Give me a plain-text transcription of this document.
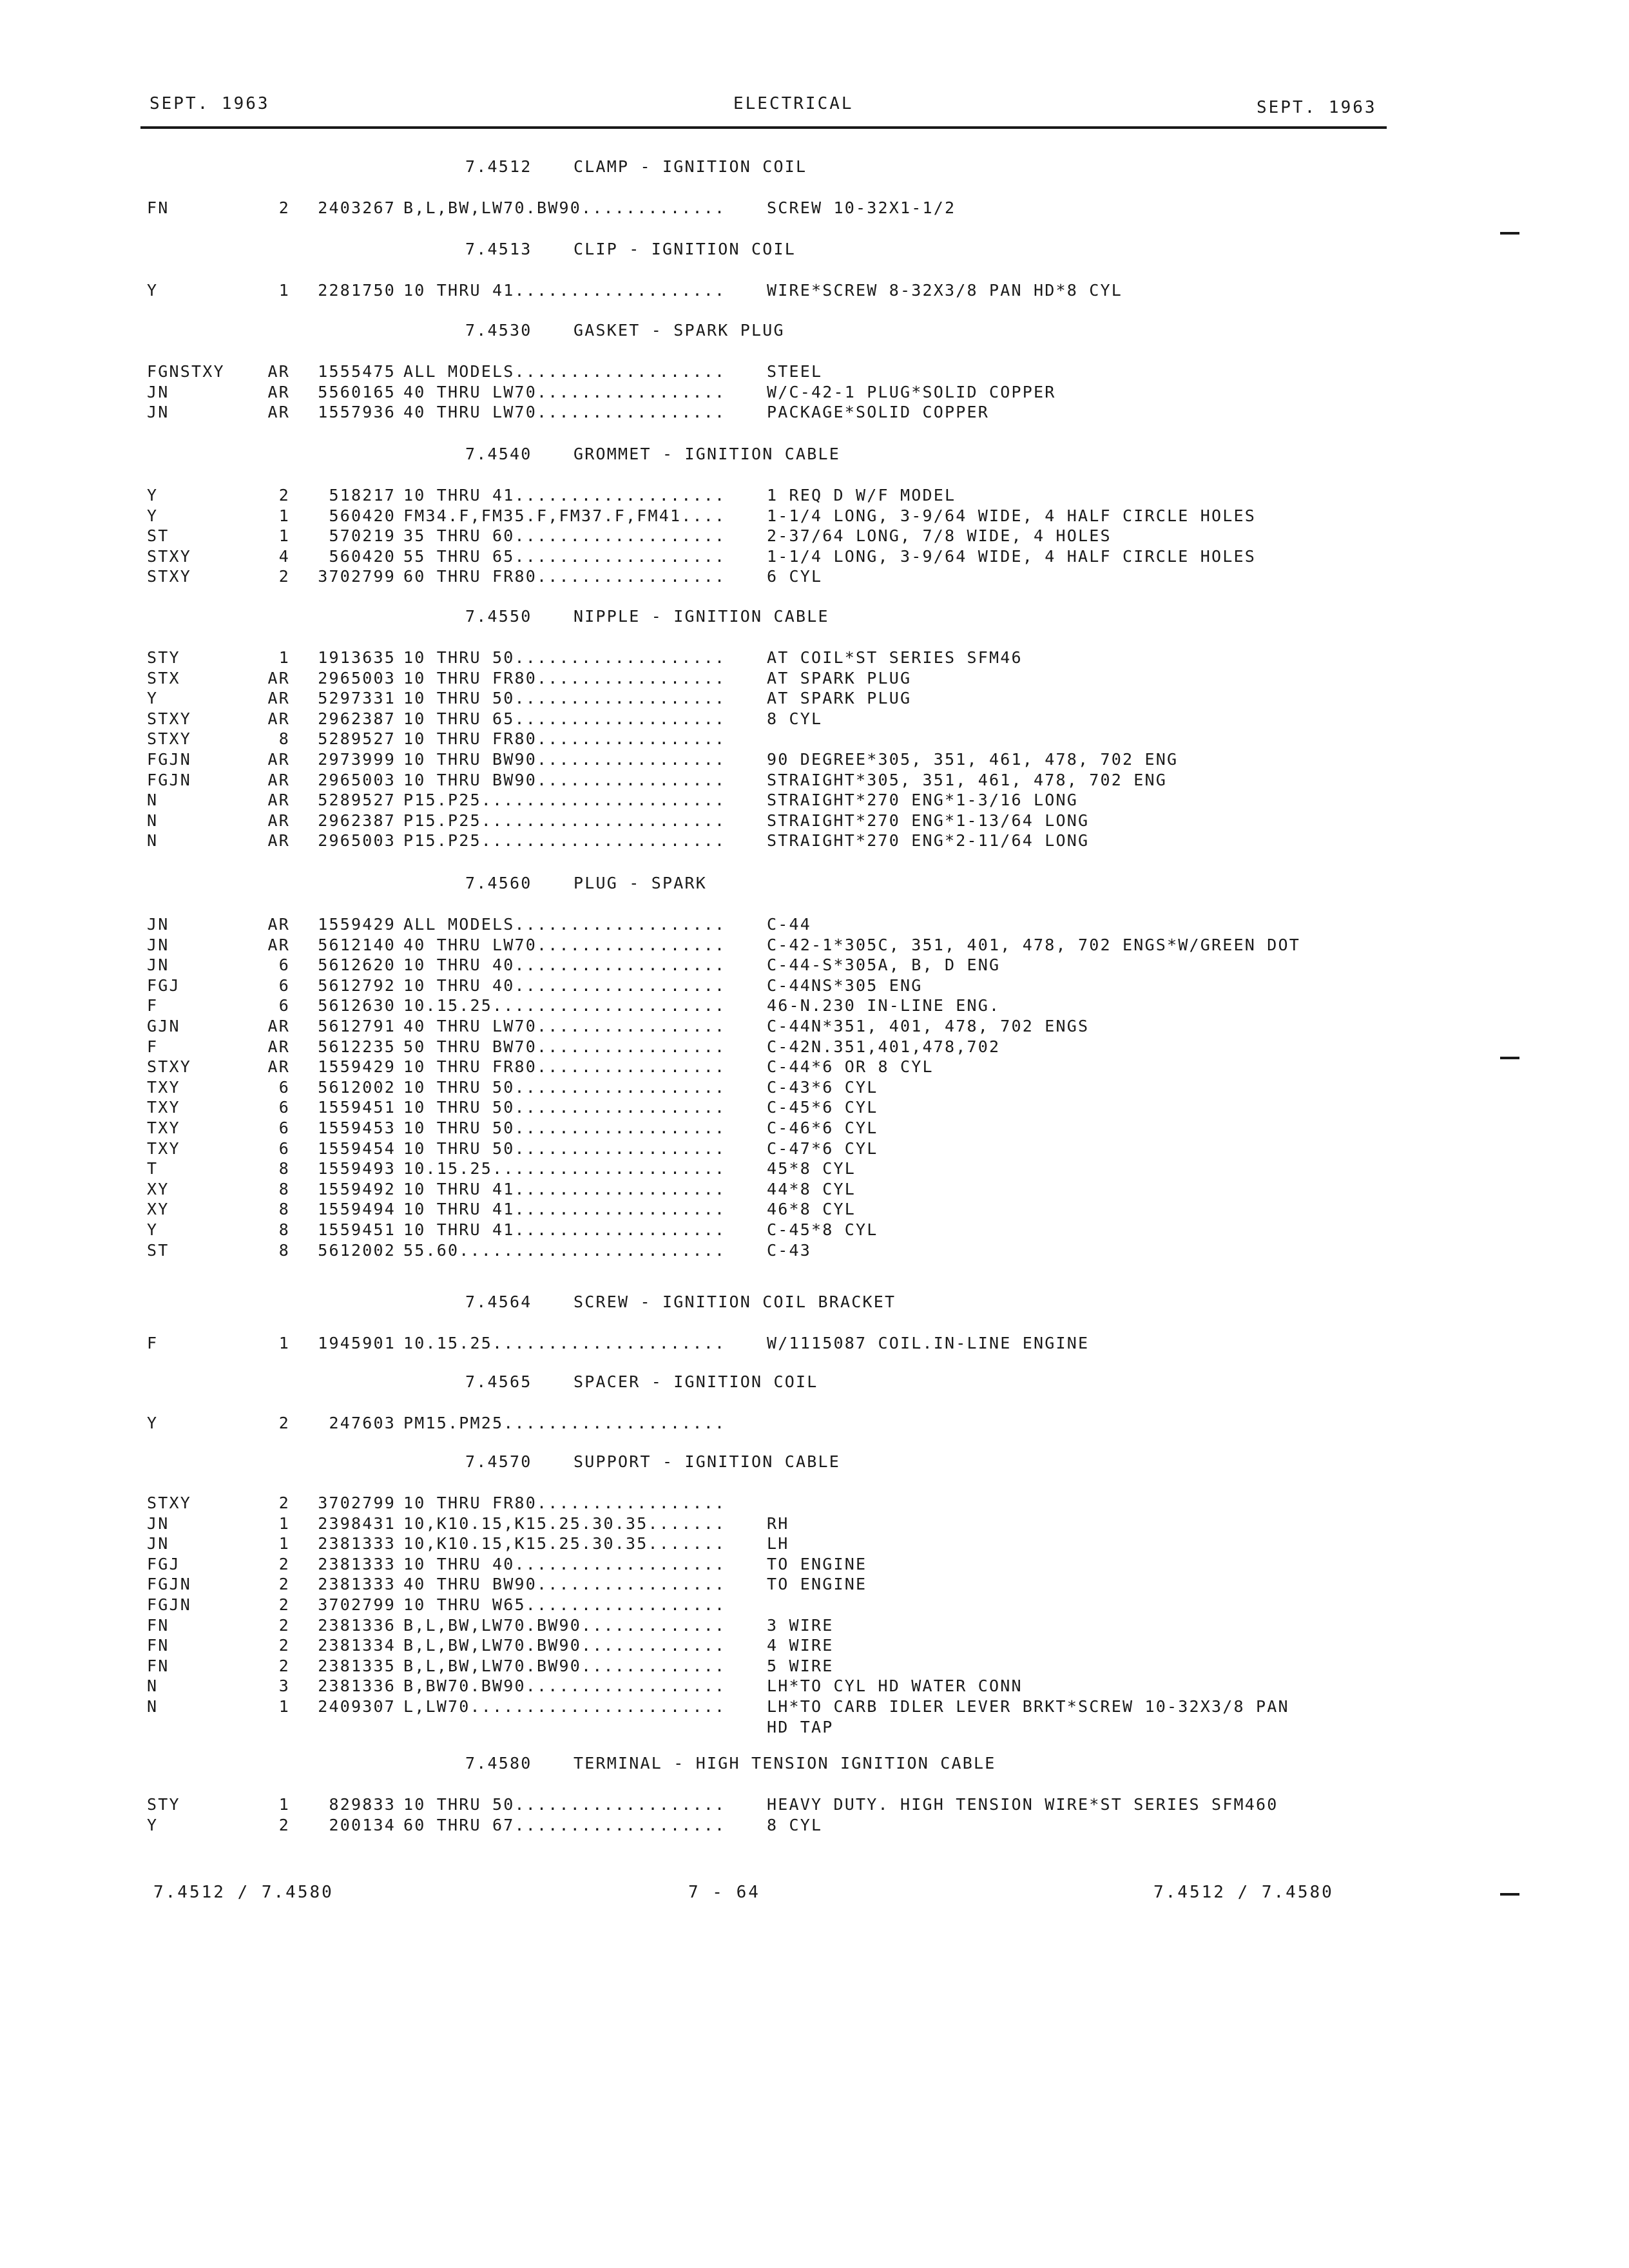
SEPT. 1963	ELECTRICAL	SEPT. 1963
7.4512	CLAMP - IGNITION COIL
FN	2	2403267 B,L,BW,LW70.BW90.............	SCREW 10-32X1-1/2
7.4513	CLIP - IGNITION COIL
Y	1	2281750 10 THRU 41...................	WIRE*SCREW 8-32X3/8 PAN HD*8 CYL
7.4530	GASKET - SPARK PLUG
FGNSTXY	AR	1555475 ALL MODELS...................	STEEL
JN	AR	5560165 40 THRU LW70.................	W/C-42-1 PLUG*SOLID COPPER
JN	AR	1557936 40 THRU LW70.................	PACKAGE*SOLID COPPER
7.4540	GROMMET - IGNITION CABLE
Y	2	518217 10 THRU 41...................	1 REQ D W/F MODEL
Y	1	560420 FM34.F,FM35.F,FM37.F,FM41....	1-1/4 LONG, 3-9/64 WIDE, 4 HALF CIRCLE HOLES
ST	1	570219 35 THRU 60...................	2-37/64 LONG, 7/8 WIDE, 4 HOLES
STXY	4	560420 55 THRU 65...................	1-1/4 LONG, 3-9/64 WIDE, 4 HALF CIRCLE HOLES
STXY	2	3702799 60 THRU FR80.................	6 CYL
7.4550	NIPPLE - IGNITION CABLE
STY	1	1913635 10 THRU 50...................	AT COIL*ST SERIES SFM46
STX	AR	2965003 10 THRU FR80.................	AT SPARK PLUG
Y	AR	5297331 10 THRU 50...................	AT SPARK PLUG
STXY	AR	2962387 10 THRU 65...................	8 CYL
STXY	8	5289527 10 THRU FR80.................
FGJN	AR	2973999 10 THRU BW90.................	90 DEGREE*305, 351, 461, 478, 702 ENG
FGJN	AR	2965003 10 THRU BW90.................	STRAIGHT*305, 351, 461, 478, 702 ENG
N	AR	5289527 P15.P25......................	STRAIGHT*270 ENG*1-3/16 LONG
N	AR	2962387 P15.P25......................	STRAIGHT*270 ENG*1-13/64 LONG
N	AR	2965003 P15.P25......................	STRAIGHT*270 ENG*2-11/64 LONG
7.4560	PLUG - SPARK
JN	AR	1559429 ALL MODELS...................	C-44
JN	AR	5612140 40 THRU LW70.................	C-42-1*305C, 351, 401, 478, 702 ENGS*W/GREEN DOT
JN	6	5612620 10 THRU 40...................	C-44-S*305A, B, D ENG
FGJ	6	5612792 10 THRU 40...................	C-44NS*305 ENG
F	6	5612630 10.15.25.....................	46-N.230 IN-LINE ENG.
GJN	AR	5612791 40 THRU LW70.................	C-44N*351, 401, 478, 702 ENGS
F	AR	5612235 50 THRU BW70.................	C-42N.351,401,478,702
STXY	AR	1559429 10 THRU FR80.................	C-44*6 OR 8 CYL
TXY	6	5612002 10 THRU 50...................	C-43*6 CYL
TXY	6	1559451 10 THRU 50...................	C-45*6 CYL
TXY	6	1559453 10 THRU 50...................	C-46*6 CYL
TXY	6	1559454 10 THRU 50...................	C-47*6 CYL
T	8	1559493 10.15.25.....................	45*8 CYL
XY	8	1559492 10 THRU 41...................	44*8 CYL
XY	8	1559494 10 THRU 41...................	46*8 CYL
Y	8	1559451 10 THRU 41...................	C-45*8 CYL
ST	8	5612002 55.60........................	C-43
7.4564	SCREW - IGNITION COIL BRACKET
F	1	1945901 10.15.25.....................	W/1115087 COIL.IN-LINE ENGINE
7.4565	SPACER - IGNITION COIL
Y	2	247603 PM15.PM25....................
7.4570	SUPPORT - IGNITION CABLE
STXY	2	3702799 10 THRU FR80.................
JN	1	2398431 10,K10.15,K15.25.30.35.......	RH
JN	1	2381333 10,K10.15,K15.25.30.35.......	LH
FGJ	2	2381333 10 THRU 40...................	TO ENGINE
FGJN	2	2381333 40 THRU BW90.................	TO ENGINE
FGJN	2	3702799 10 THRU W65..................
FN	2	2381336 B,L,BW,LW70.BW90.............	3 WIRE
FN	2	2381334 B,L,BW,LW70.BW90.............	4 WIRE
FN	2	2381335 B,L,BW,LW70.BW90.............	5 WIRE
N	3	2381336 B,BW70.BW90..................	LH*TO CYL HD WATER CONN
N	1	2409307 L,LW70.......................	LH*TO CARB IDLER LEVER BRKT*SCREW 10-32X3/8 PAN
HD TAP
7.4580	TERMINAL - HIGH TENSION IGNITION CABLE
STY	1	829833 10 THRU 50...................	HEAVY DUTY. HIGH TENSION WIRE*ST SERIES SFM460
Y	2	200134 60 THRU 67...................	8 CYL
7.4512 / 7.4580	7 - 64	7.4512 / 7.4580
